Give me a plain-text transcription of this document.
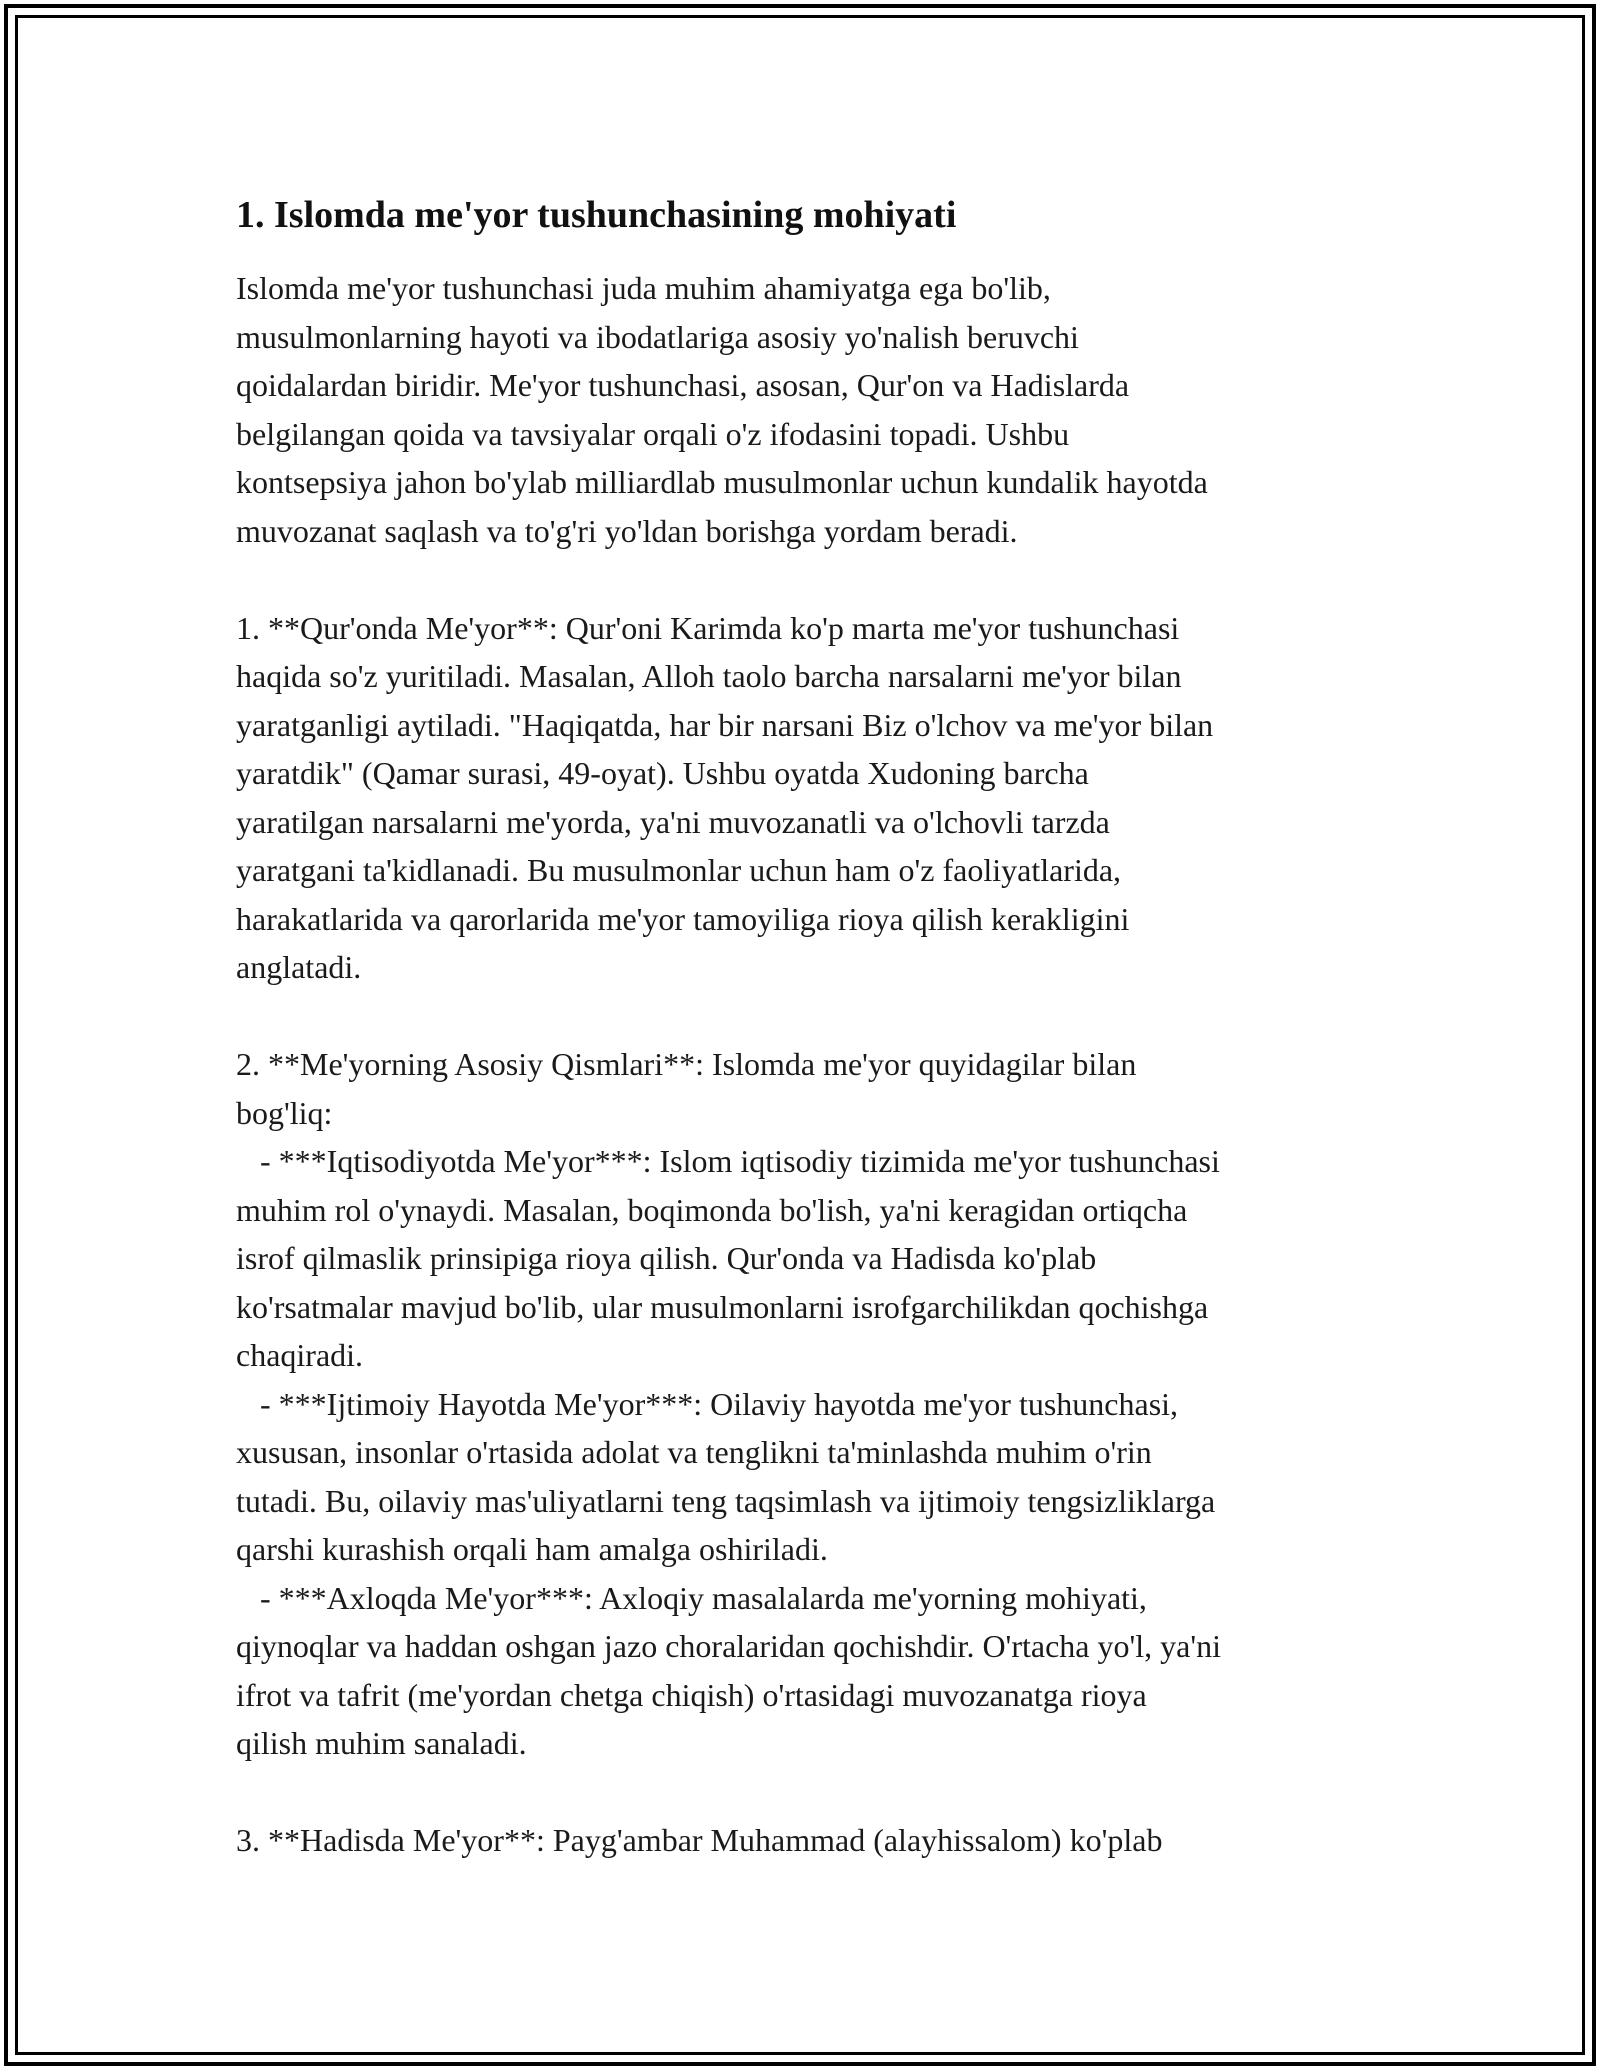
1. Islomda me'yor tushunchasining mohiyati

Islomda me'yor tushunchasi juda muhim ahamiyatga ega bo'lib,
musulmonlarning hayoti va ibodatlariga asosiy yo'nalish beruvchi
qoidalardan biridir. Me'yor tushunchasi, asosan, Qur'on va Hadislarda
belgilangan qoida va tavsiyalar orqali o'z ifodasini topadi. Ushbu
kontsepsiya jahon bo'ylab milliardlab musulmonlar uchun kundalik hayotda
muvozanat saqlash va to'g'ri yo'ldan borishga yordam beradi.

1. **Qur'onda Me'yor**: Qur'oni Karimda ko'p marta me'yor tushunchasi
haqida so'z yuritiladi. Masalan, Alloh taolo barcha narsalarni me'yor bilan
yaratganligi aytiladi. "Haqiqatda, har bir narsani Biz o'lchov va me'yor bilan
yaratdik" (Qamar surasi, 49-oyat). Ushbu oyatda Xudoning barcha
yaratilgan narsalarni me'yorda, ya'ni muvozanatli va o'lchovli tarzda
yaratgani ta'kidlanadi. Bu musulmonlar uchun ham o'z faoliyatlarida,
harakatlarida va qarorlarida me'yor tamoyiliga rioya qilish kerakligini
anglatadi.

2. **Me'yorning Asosiy Qismlari**: Islomda me'yor quyidagilar bilan
bog'liq:

- ***Iqtisodiyotda Me'yor***: Islom iqtisodiy tizimida me'yor tushunchasi
muhim rol o'ynaydi. Masalan, boqimonda bo'lish, ya'ni keragidan ortiqcha
isrof qilmaslik prinsipiga rioya qilish. Qur'onda va Hadisda ko'plab
ko'rsatmalar mavjud bo'lib, ular musulmonlarni isrofgarchilikdan qochishga
chaqiradi.

- ***Ijtimoiy Hayotda Me'yor***: Oilaviy hayotda me'yor tushunchasi,
xususan, insonlar o'rtasida adolat va tenglikni ta'minlashda muhim o'rin
tutadi. Bu, oilaviy mas'uliyatlarni teng taqsimlash va ijtimoiy tengsizliklarga
qarshi kurashish orqali ham amalga oshiriladi.

- ***Axloqda Me'yor***: Axloqiy masalalarda me'yorning mohiyati,
qiynoqlar va haddan oshgan jazo choralaridan qochishdir. O'rtacha yo'l, ya'ni
ifrot va tafrit (me'yordan chetga chiqish) o'rtasidagi muvozanatga rioya
qilish muhim sanaladi.

3. **Hadisda Me'yor**: Payg'ambar Muhammad (alayhissalom) ko'plab
